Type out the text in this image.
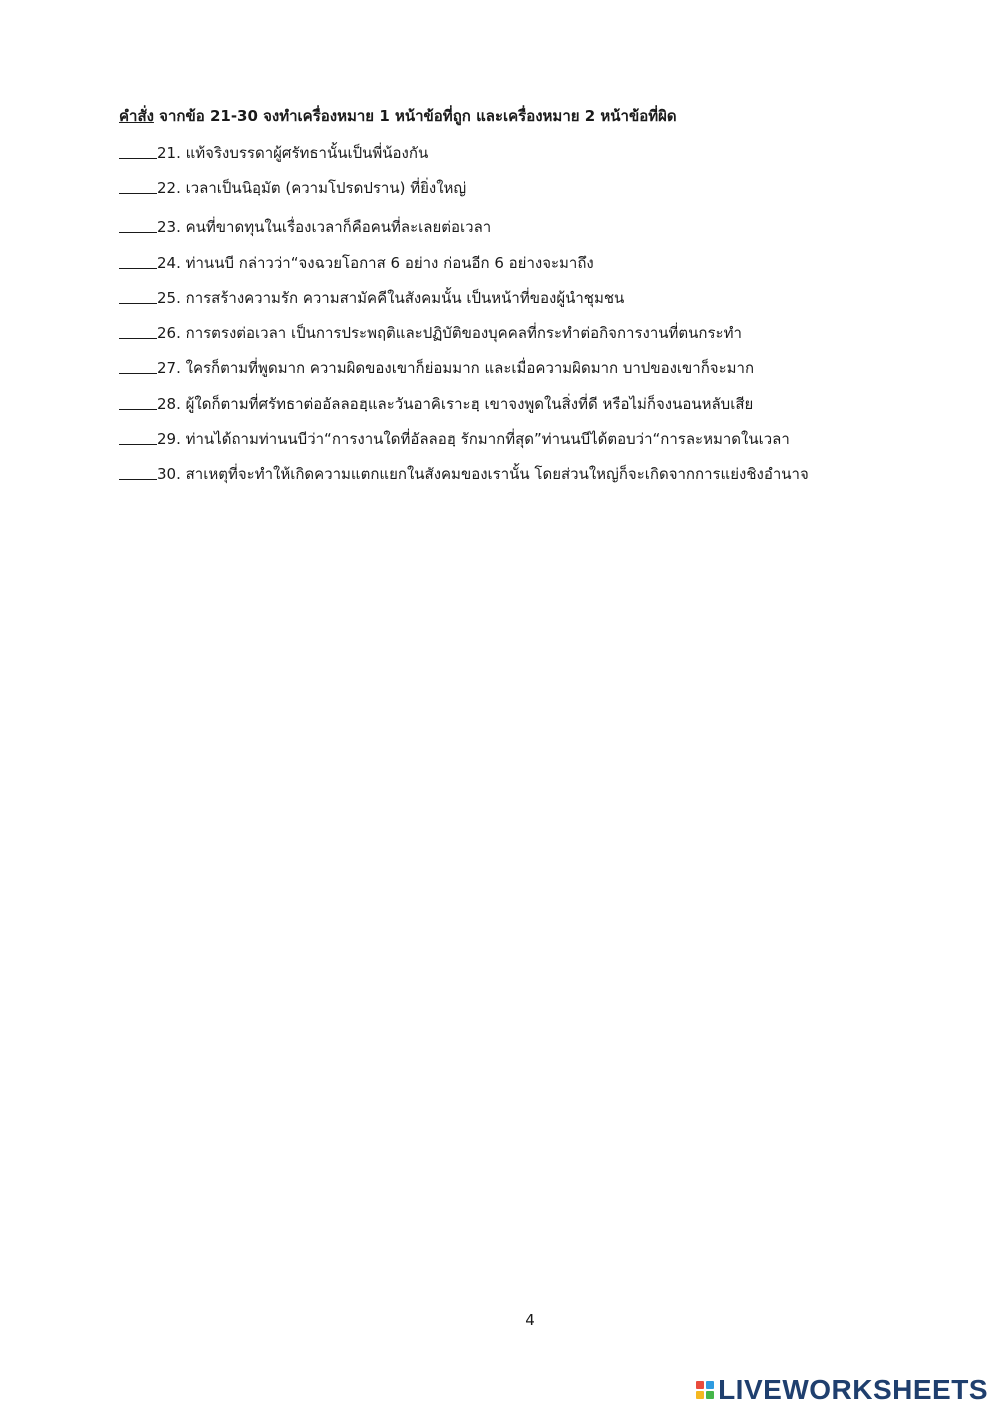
คำสั่ง จากข้อ 21-30 จงทำเครื่องหมาย 1 หน้าข้อที่ถูก และเครื่องหมาย 2 หน้าข้อที่ผิด
21. แท้จริงบรรดาผู้ศรัทธานั้นเป็นพี่น้องกัน
22. เวลาเป็นนิอฺมัต (ความโปรดปราน) ที่ยิ่งใหญ่
23. คนที่ขาดทุนในเรื่องเวลาก็คือคนที่ละเลยต่อเวลา
24. ท่านนบี กล่าวว่า“จงฉวยโอกาส 6 อย่าง ก่อนอีก 6 อย่างจะมาถึง
25. การสร้างความรัก ความสามัคคีในสังคมนั้น เป็นหน้าที่ของผู้นำชุมชน
26. การตรงต่อเวลา เป็นการประพฤติและปฏิบัติของบุคคลที่กระทำต่อกิจการงานที่ตนกระทำ
27. ใครก็ตามที่พูดมาก ความผิดของเขาก็ย่อมมาก และเมื่อความผิดมาก บาปของเขาก็จะมาก
28. ผู้ใดก็ตามที่ศรัทธาต่ออัลลอฮฺและวันอาคิเราะฮฺ เขาจงพูดในสิ่งที่ดี หรือไม่ก็จงนอนหลับเสีย
29. ท่านได้ถามท่านนบีว่า“การงานใดที่อัลลอฮฺ รักมากที่สุด”ท่านนบีได้ตอบว่า“การละหมาดในเวลา
30. สาเหตุที่จะทำให้เกิดความแตกแยกในสังคมของเรานั้น โดยส่วนใหญ่ก็จะเกิดจากการแย่งชิงอำนาจ
4
LIVEWORKSHEETS
